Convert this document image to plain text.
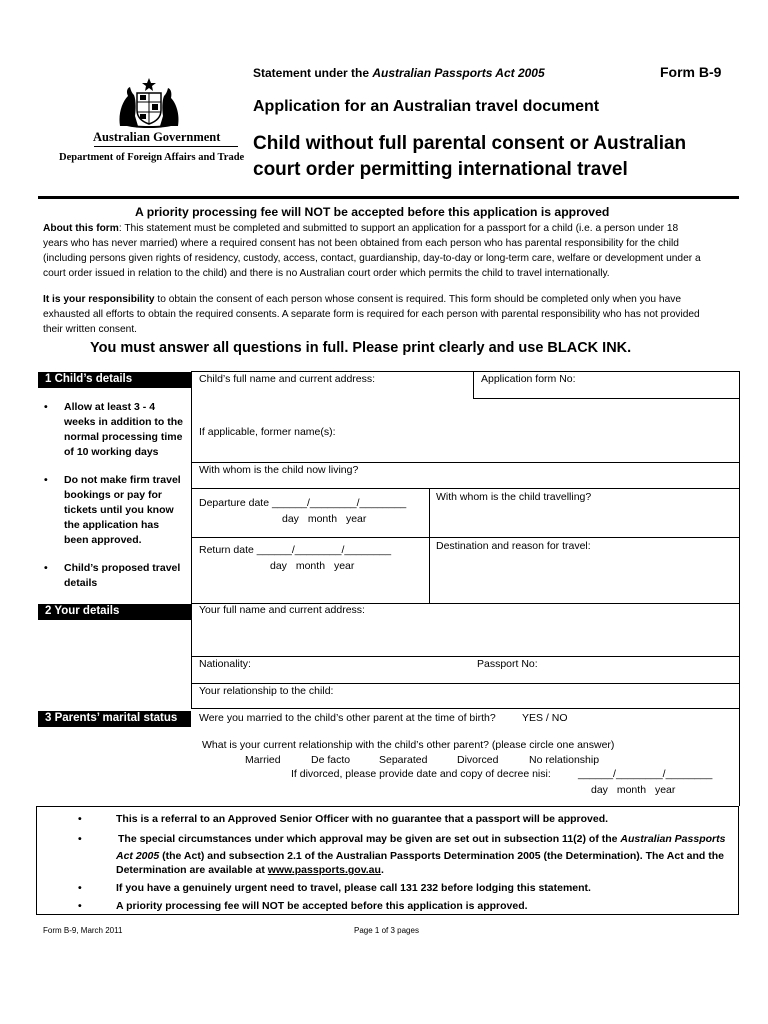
Australian Government
Department of Foreign Affairs and Trade
Statement under the Australian Passports Act 2005	Form B-9
Application for an Australian travel document
Child without full parental consent or Australian
court order permitting international travel
A priority processing fee will NOT be accepted before this application is approved
About this form: This statement must be completed and submitted to support an application for a passport for a child (i.e. a person under 18
years who has never married) where a required consent has not been obtained from each person who has parental responsibility for the child
(including persons given rights of residency, custody, access, contact, guardianship, day-to-day or long-term care, welfare or development under a
court order issued in relation to the child) and there is no Australian court order which permits the child to travel internationally.
It is your responsibility to obtain the consent of each person whose consent is required. This form should be completed only when you have
exhausted all efforts to obtain the required consents. A separate form is required for each person with parental responsibility who has not provided
their written consent.
You must answer all questions in full. Please print clearly and use BLACK INK.
1 Child’s details
• Allow at least 3 - 4
weeks in addition to the
normal processing time
of 10 working days
• Do not make firm travel
bookings or pay for
tickets until you know
the application has
been approved.
• Child’s proposed travel
details
Child’s full name and current address:	Application form No:
If applicable, former name(s):
With whom is the child now living?
Departure date ______/________/________
day month year
With whom is the child travelling?
Return date ______/________/________
day month year
Destination and reason for travel:
2 Your details	Your full name and current address:
Nationality:	Passport No:
Your relationship to the child:
3 Parents’ marital status	Were you married to the child’s other parent at the time of birth?	YES / NO
What is your current relationship with the child’s other parent? (please circle one answer)
Married	De facto	Separated	Divorced	No relationship
If divorced, please provide date and copy of decree nisi:	______/________/________
day month year
•	This is a referral to an Approved Senior Officer with no guarantee that a passport will be approved.
•	The special circumstances under which approval may be given are set out in subsection 11(2) of the Australian Passports
Act 2005 (the Act) and subsection 2.1 of the Australian Passports Determination 2005 (the Determination). The Act and the
Determination are available at www.passports.gov.au.
•	If you have a genuinely urgent need to travel, please call 131 232 before lodging this statement.
•	A priority processing fee will NOT be accepted before this application is approved.
Form B-9, March 2011	Page 1 of 3 pages
